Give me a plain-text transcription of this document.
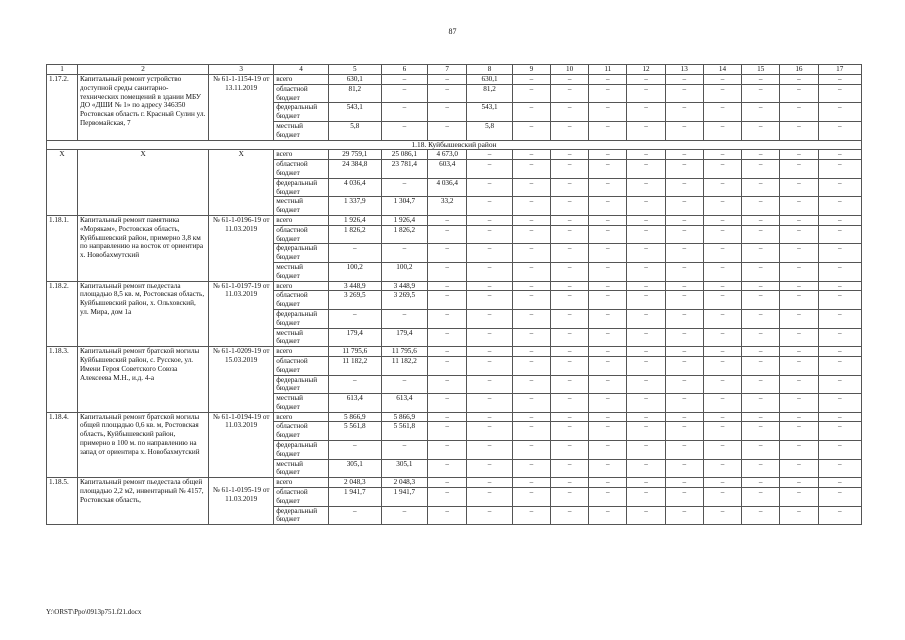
87
1	2	3	4	5	6	7	8	9	10	11	12	13	14	15	16	17
1.17.2.	Капитальный ремонт устройство доступной среды санитарно-технических помещений в здании МБУ ДО «ДШИ № 1» по адресу 346350 Ростовская область г. Красный Сулин ул. Первомайская, 7	№ 61-1-1154-19 от 13.11.2019	всего	630,1	–	–	630,1	–	–	–	–	–	–	–	–	–
			областной бюджет	81,2	–	–	81,2	–	–	–	–	–	–	–	–	–
			федеральный бюджет	543,1	–	–	543,1	–	–	–	–	–	–	–	–	–
			местный бюджет	5,8	–	–	5,8	–	–	–	–	–	–	–	–	–
1.18. Куйбышевский район																
Х	Х	Х	всего	29 759,1	25 086,1	4 673,0	–	–	–	–	–	–	–	–	–	–
			областной бюджет	24 384,8	23 781,4	603,4	–	–	–	–	–	–	–	–	–	–
			федеральный бюджет	4 036,4	–	4 036,4	–	–	–	–	–	–	–	–	–	–
			местный бюджет	1 337,9	1 304,7	33,2	–	–	–	–	–	–	–	–	–	–
1.18.1.	Капитальный ремонт памятника «Морякам», Ростовская область, Куйбышевский район, примерно 3,8 км по направлению на восток от ориентира х. Новобахмутский	№ 61-1-0196-19 от 11.03.2019	всего	1 926,4	1 926,4	–	–	–	–	–	–	–	–	–	–	–
			областной бюджет	1 826,2	1 826,2	–	–	–	–	–	–	–	–	–	–	–
			федеральный бюджет	–	–	–	–	–	–	–	–	–	–	–	–	–
			местный бюджет	100,2	100,2	–	–	–	–	–	–	–	–	–	–	–
1.18.2.	Капитальный ремонт пьедестала площадью 8,5 кв. м, Ростовская область, Куйбышевский район, х. Ольховский, ул. Мира, дом 1а	№ 61-1-0197-19 от 11.03.2019	всего	3 448,9	3 448,9	–	–	–	–	–	–	–	–	–	–	–
			областной бюджет	3 269,5	3 269,5	–	–	–	–	–	–	–	–	–	–	–
			федеральный бюджет	–	–	–	–	–	–	–	–	–	–	–	–	–
			местный бюджет	179,4	179,4	–	–	–	–	–	–	–	–	–	–	–
1.18.3.	Капитальный ремонт братской могилы Куйбышевский район, с. Русское, ул. Имени Героя Советского Союза Алексеева М.Н., и.д. 4-а	№ 61-1-0209-19 от 15.03.2019	всего	11 795,6	11 795,6	–	–	–	–	–	–	–	–	–	–	–
			областной бюджет	11 182,2	11 182,2	–	–	–	–	–	–	–	–	–	–	–
			федеральный бюджет	–	–	–	–	–	–	–	–	–	–	–	–	–
			местный бюджет	613,4	613,4	–	–	–	–	–	–	–	–	–	–	–
1.18.4.	Капитальный ремонт братской могилы общей площадью 0,6 кв. м, Ростовская область, Куйбышевский район, примерно в 100 м. по направлению на запад от ориентира х. Новобахмутский	№ 61-1-0194-19 от 11.03.2019	всего	5 866,9	5 866,9	–	–	–	–	–	–	–	–	–	–	–
			областной бюджет	5 561,8	5 561,8	–	–	–	–	–	–	–	–	–	–	–
			федеральный бюджет	–	–	–	–	–	–	–	–	–	–	–	–	–
			местный бюджет	305,1	305,1	–	–	–	–	–	–	–	–	–	–	–
1.18.5.	Капитальный ремонт пьедестала общей площадью 2,2 м2, инвентарный № 4157, Ростовская область,	№ 61-1-0195-19 от 11.03.2019	всего	2 048,3	2 048,3	–	–	–	–	–	–	–	–	–	–	–
			областной бюджет	1 941,7	1 941,7	–	–	–	–	–	–	–	–	–	–	–
			федеральный бюджет	–	–	–	–	–	–	–	–	–	–	–	–	–
Y:\ORST\Ppo\0913p751.f21.docx
